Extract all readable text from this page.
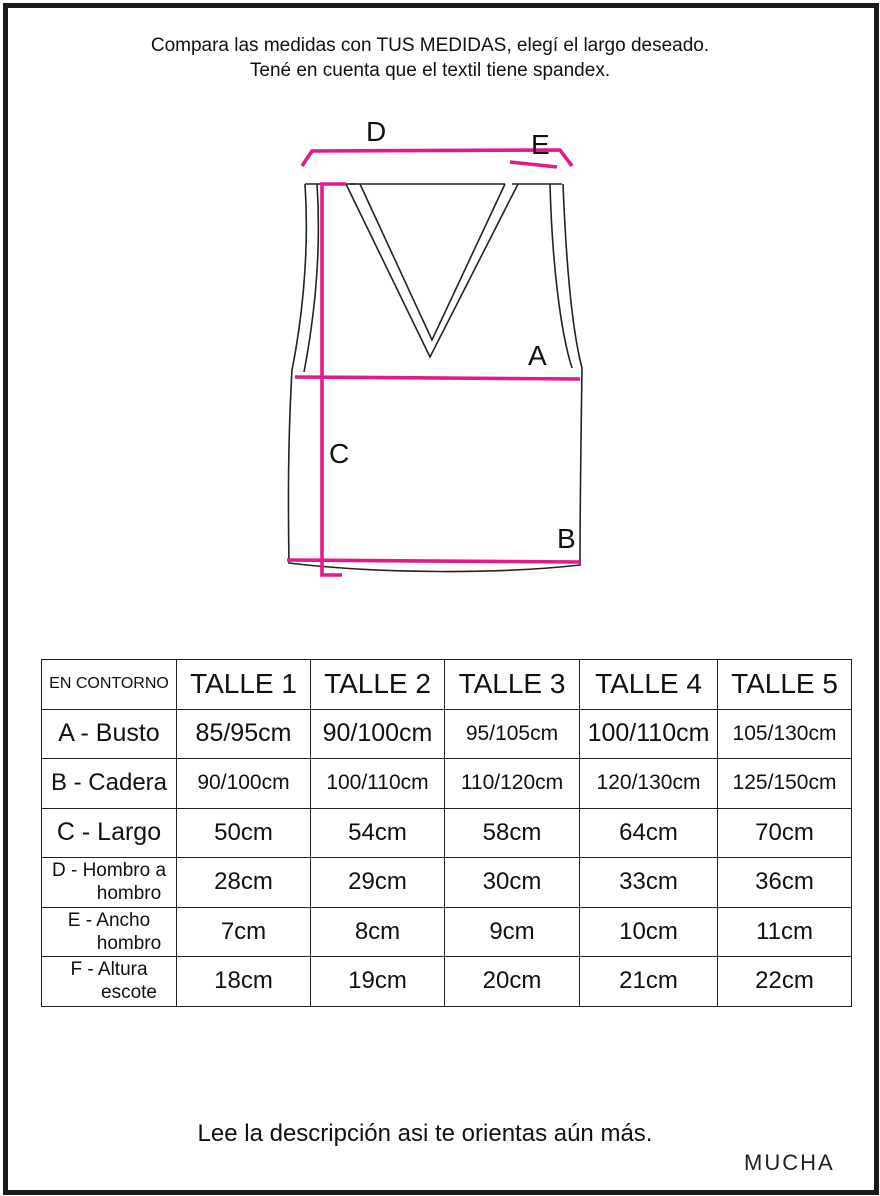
Compara las medidas con TUS MEDIDAS, elegí el largo deseado.
Tené en cuenta que el textil tiene spandex.
D	E
A
C
B
EN CONTORNO	TALLE 1	TALLE 2	TALLE 3	TALLE 4	TALLE 5
A - Busto	85/95cm	90/100cm	95/105cm	100/110cm	105/130cm
B - Cadera	90/100cm	100/110cm	110/120cm	120/130cm	125/150cm
C - Largo	50cm	54cm	58cm	64cm	70cm

D - Hombro a
hombro	28cm	29cm	30cm	33cm	36cm

E - Ancho
hombro	7cm	8cm	9cm	10cm	11cm

F - Altura
escote	18cm	19cm	20cm	21cm	22cm
Lee la descripción asi te orientas aún más.
MUCHA
